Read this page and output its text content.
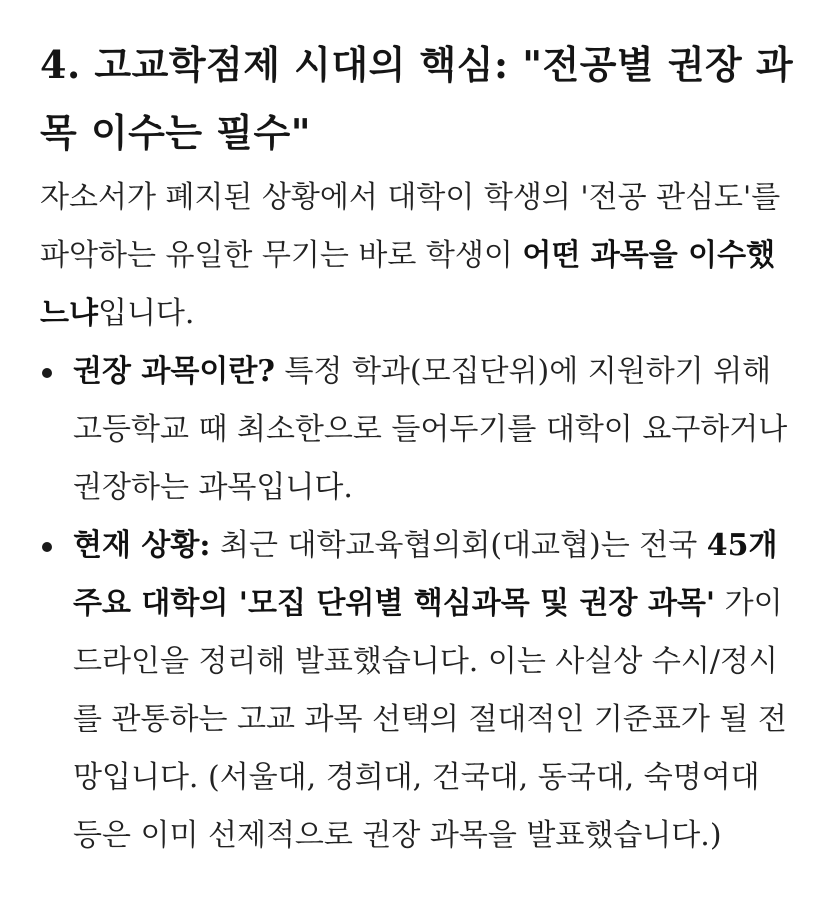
4. 고교학점제 시대의 핵심: "전공별 권장 과목 이수는 필수"

자소서가 폐지된 상황에서 대학이 학생의 '전공 관심도'를 파악하는 유일한 무기는 바로 학생이 어떤 과목을 이수했느냐입니다.

권장 과목이란? 특정 학과(모집단위)에 지원하기 위해 고등학교 때 최소한으로 들어두기를 대학이 요구하거나 권장하는 과목입니다.
현재 상황: 최근 대학교육협의회(대교협)는 전국 45개 주요 대학의 '모집 단위별 핵심과목 및 권장 과목' 가이드라인을 정리해 발표했습니다. 이는 사실상 수시/정시를 관통하는 고교 과목 선택의 절대적인 기준표가 될 전망입니다. (서울대, 경희대, 건국대, 동국대, 숙명여대 등은 이미 선제적으로 권장 과목을 발표했습니다.)
